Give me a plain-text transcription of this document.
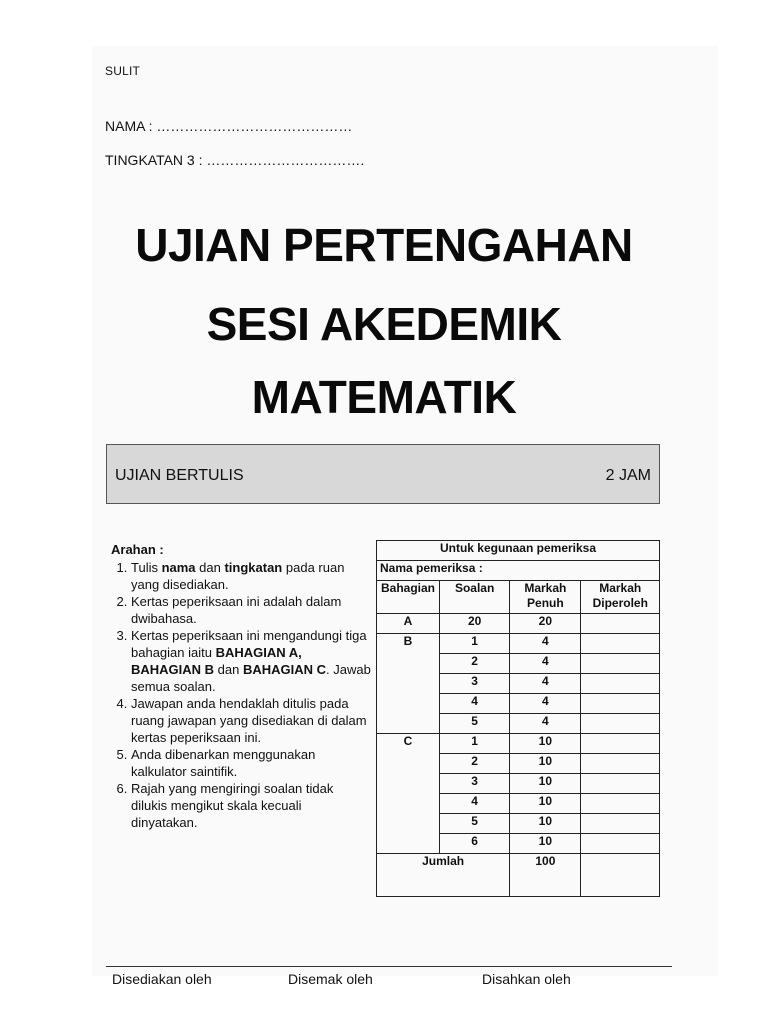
SULIT
NAMA : ……………………………………
TINGKATAN 3 : …………………………….
UJIAN PERTENGAHAN
SESI AKEDEMIK
MATEMATIK
UJIAN BERTULIS	2 JAM
Arahan :
1. Tulis nama dan tingkatan pada ruan yang disediakan.
2. Kertas peperiksaan ini adalah dalam dwibahasa.
3. Kertas peperiksaan ini mengandungi tiga bahagian iaitu BAHAGIAN A, BAHAGIAN B dan BAHAGIAN C. Jawab semua soalan.
4. Jawapan anda hendaklah ditulis pada ruang jawapan yang disediakan di dalam kertas peperiksaan ini.
5. Anda dibenarkan menggunakan kalkulator saintifik.
6. Rajah yang mengiringi soalan tidak dilukis mengikut skala kecuali dinyatakan.
Untuk kegunaan pemeriksa			
Nama pemeriksa :			
Bahagian	Soalan	Markah Penuh	Markah Diperoleh
A	20	20	
B	1	4	
	2	4	
	3	4	
	4	4	
	5	4	
C	1	10	
	2	10	
	3	10	
	4	10	
	5	10	
	6	10	
Jumlah		100	
Disediakan oleh	Disemak oleh	Disahkan oleh
